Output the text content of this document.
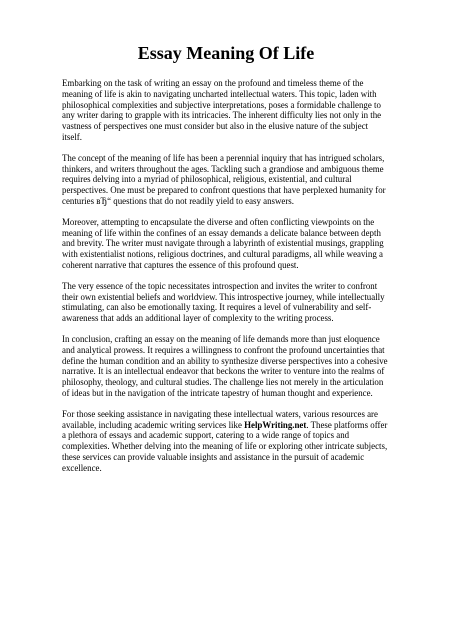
Essay Meaning Of Life

Embarking on the task of writing an essay on the profound and timeless theme of the meaning of life is akin to navigating uncharted intellectual waters. This topic, laden with philosophical complexities and subjective interpretations, poses a formidable challenge to any writer daring to grapple with its intricacies. The inherent difficulty lies not only in the vastness of perspectives one must consider but also in the elusive nature of the subject itself.

The concept of the meaning of life has been a perennial inquiry that has intrigued scholars, thinkers, and writers throughout the ages. Tackling such a grandiose and ambiguous theme requires delving into a myriad of philosophical, religious, existential, and cultural perspectives. One must be prepared to confront questions that have perplexed humanity for centuries вЂ“ questions that do not readily yield to easy answers.

Moreover, attempting to encapsulate the diverse and often conflicting viewpoints on the meaning of life within the confines of an essay demands a delicate balance between depth and brevity. The writer must navigate through a labyrinth of existential musings, grappling with existentialist notions, religious doctrines, and cultural paradigms, all while weaving a coherent narrative that captures the essence of this profound quest.

The very essence of the topic necessitates introspection and invites the writer to confront their own existential beliefs and worldview. This introspective journey, while intellectually stimulating, can also be emotionally taxing. It requires a level of vulnerability and self-awareness that adds an additional layer of complexity to the writing process.

In conclusion, crafting an essay on the meaning of life demands more than just eloquence and analytical prowess. It requires a willingness to confront the profound uncertainties that define the human condition and an ability to synthesize diverse perspectives into a cohesive narrative. It is an intellectual endeavor that beckons the writer to venture into the realms of philosophy, theology, and cultural studies. The challenge lies not merely in the articulation of ideas but in the navigation of the intricate tapestry of human thought and experience.

For those seeking assistance in navigating these intellectual waters, various resources are available, including academic writing services like HelpWriting.net. These platforms offer a plethora of essays and academic support, catering to a wide range of topics and complexities. Whether delving into the meaning of life or exploring other intricate subjects, these services can provide valuable insights and assistance in the pursuit of academic excellence.
